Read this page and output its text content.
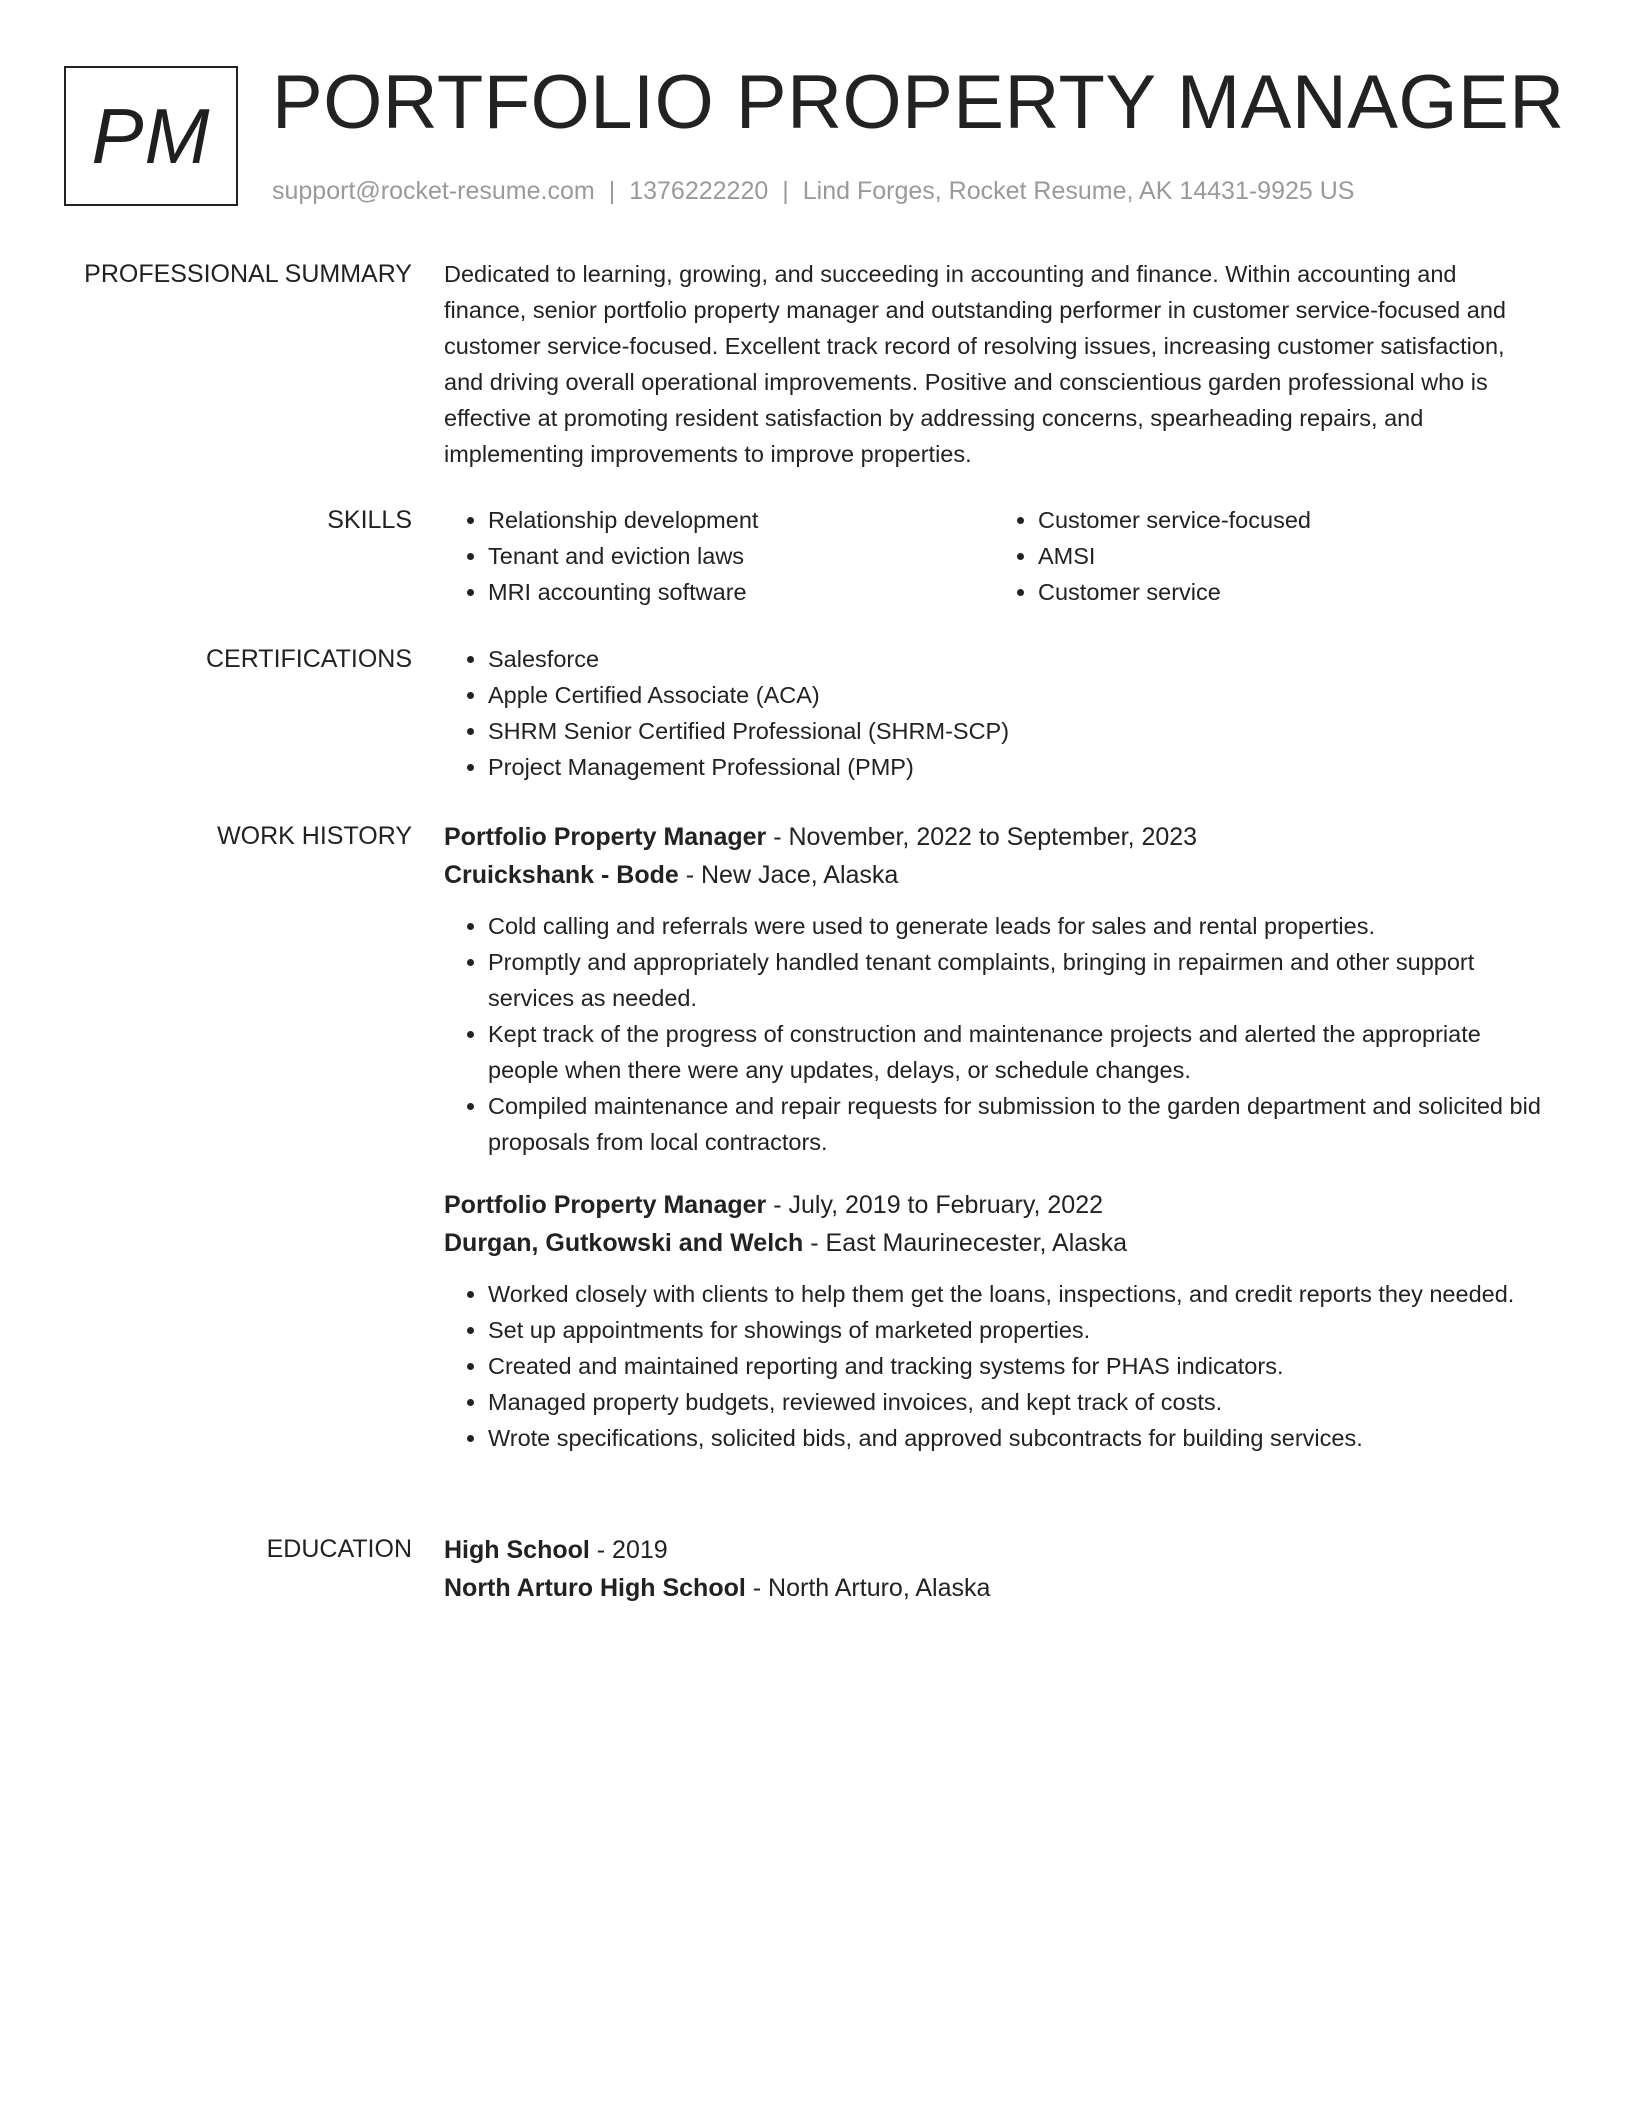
PM PORTFOLIO PROPERTY MANAGER
support@rocket-resume.com | 1376222220 | Lind Forges, Rocket Resume, AK 14431-9925 US
PROFESSIONAL SUMMARY Dedicated to learning, growing, and succeeding in accounting and finance. Within accounting and finance, senior portfolio property manager and outstanding performer in customer service-focused and customer service-focused. Excellent track record of resolving issues, increasing customer satisfaction, and driving overall operational improvements. Positive and conscientious garden professional who is effective at promoting resident satisfaction by addressing concerns, spearheading repairs, and implementing improvements to improve properties.
SKILLS	• Relationship development
• Tenant and eviction laws
• MRI accounting software
• Customer service-focused
• AMSI
• Customer service
CERTIFICATIONS	• Salesforce
• Apple Certified Associate (ACA)
• SHRM Senior Certified Professional (SHRM-SCP)
• Project Management Professional (PMP)
WORK HISTORY Portfolio Property Manager - November, 2022 to September, 2023
Cruickshank - Bode - New Jace, Alaska
• Cold calling and referrals were used to generate leads for sales and rental properties.
• Promptly and appropriately handled tenant complaints, bringing in repairmen and other support services as needed.
• Kept track of the progress of construction and maintenance projects and alerted the appropriate people when there were any updates, delays, or schedule changes.
• Compiled maintenance and repair requests for submission to the garden department and solicited bid proposals from local contractors.
Portfolio Property Manager - July, 2019 to February, 2022
Durgan, Gutkowski and Welch - East Maurinecester, Alaska
• Worked closely with clients to help them get the loans, inspections, and credit reports they needed.
• Set up appointments for showings of marketed properties.
• Created and maintained reporting and tracking systems for PHAS indicators.
• Managed property budgets, reviewed invoices, and kept track of costs.
• Wrote specifications, solicited bids, and approved subcontracts for building services.
EDUCATION High School - 2019
North Arturo High School - North Arturo, Alaska
